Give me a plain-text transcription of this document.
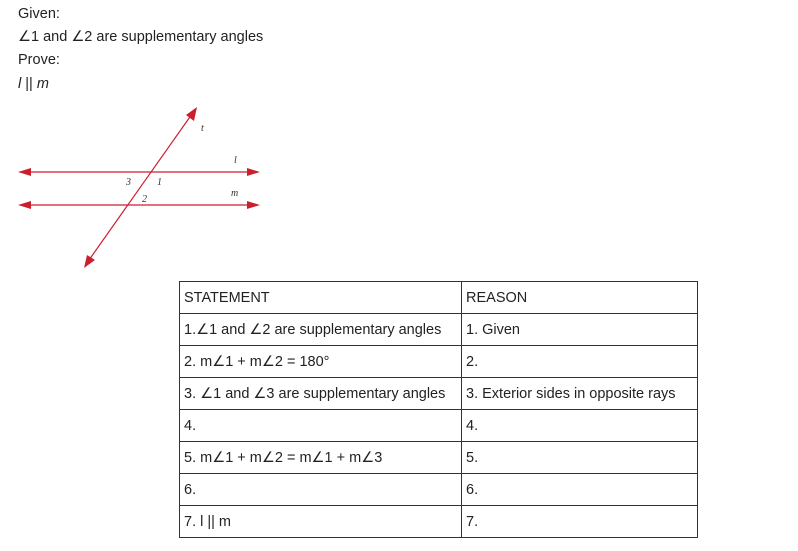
Given:
∠1 and ∠2 are supplementary angles
Prove:
l || m
t
l
m
3	1
2
STATEMENT	REASON
1.∠1 and ∠2 are supplementary angles	1. Given
2. m∠1 + m∠2 = 180°	2.
3. ∠1 and ∠3 are supplementary angles	3. Exterior sides in opposite rays
4.	4.
5. m∠1 + m∠2 = m∠1 + m∠3	5.
6.	6.
7. l || m	7.
